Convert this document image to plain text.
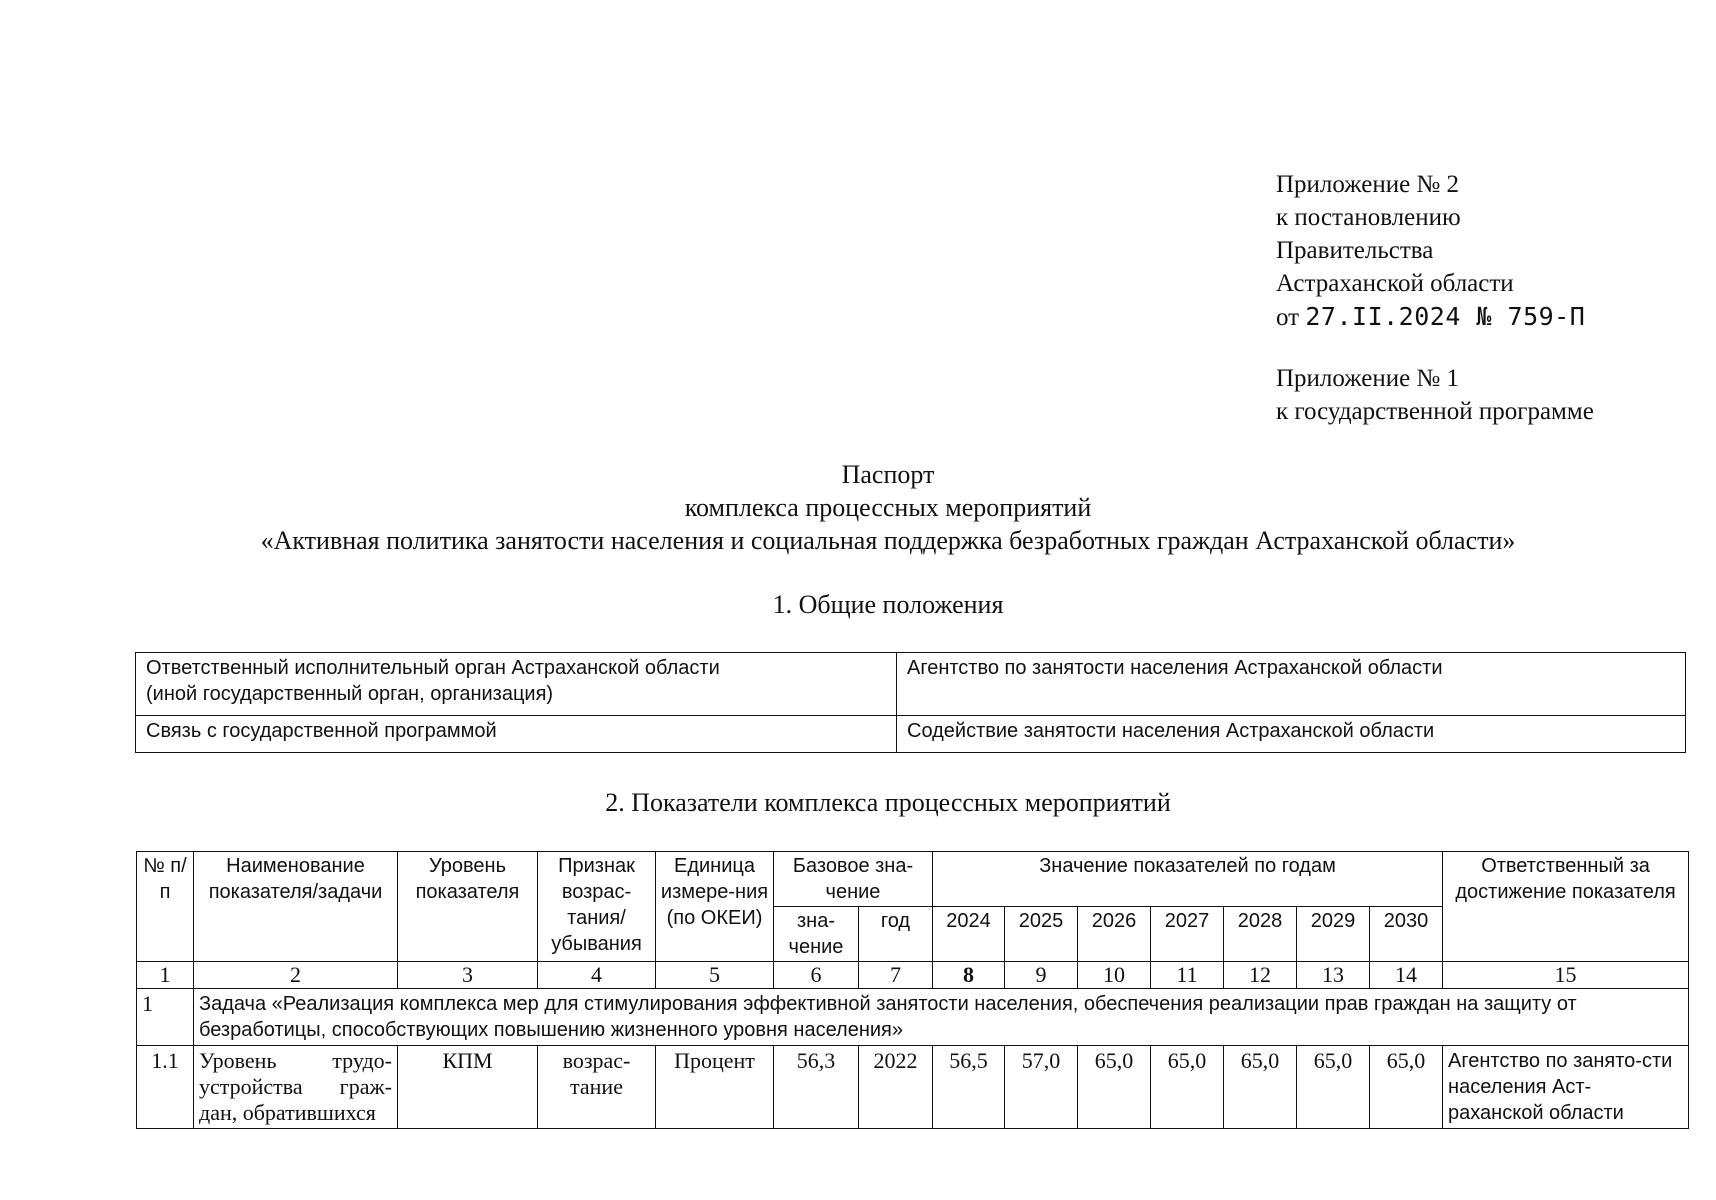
Приложение № 2
к постановлению
Правительства
Астраханской области
от 27.II.2024 № 759-П
Приложение № 1
к государственной программе
Паспорт
комплекса процессных мероприятий
«Активная политика занятости населения и социальная поддержка безработных граждан Астраханской области»
1. Общие положения
Ответственный исполнительный орган Астраханской области
(иной государственный орган, организация)	Агентство по занятости населения Астраханской области
Связь с государственной программой	Содействие занятости населения Астраханской области
2. Показатели комплекса процессных мероприятий
№ п/п	Наименование показателя/задачи	Уровень показателя	Признак возрас-тания/ убывания	Единица измере-ния (по ОКЕИ)	Базовое зна-чение		Значение показателей по годам							Ответственный за достижение показателя
					зна-чение	год	2024	2025	2026	2027	2028	2029	2030	
1	2	3	4	5	6	7	8	9	10	11	12	13	14	15
1	Задача «Реализация комплекса мер для стимулирования эффективной занятости населения, обеспечения реализации прав граждан на защиту от безработицы, способствующих повышению жизненного уровня населения»													
1.1	Уровень трудо-устройства граж-дан, обратившихся	КПМ	возрас-тание	Процент	56,3	2022	56,5	57,0	65,0	65,0	65,0	65,0	65,0	Агентство по занято-сти населения Аст-раханской области
